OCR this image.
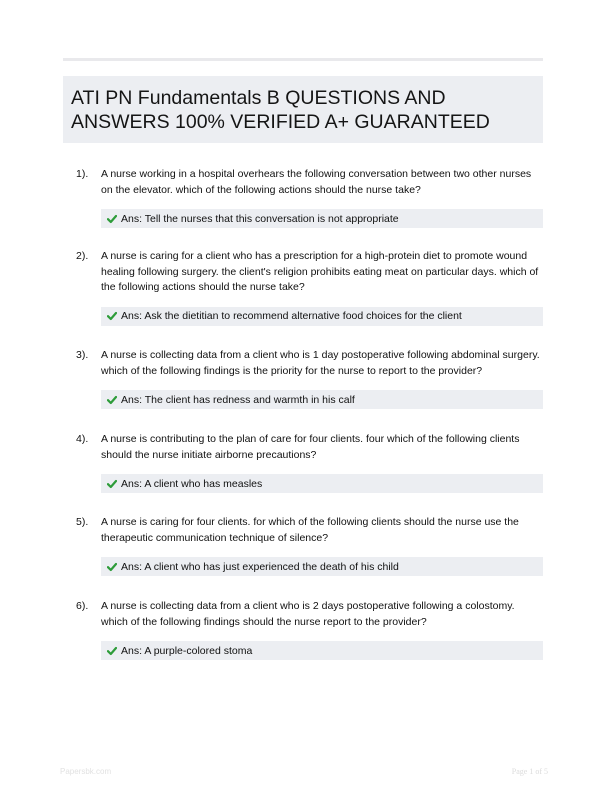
ATI PN Fundamentals B QUESTIONS AND ANSWERS 100% VERIFIED A+ GUARANTEED
1). A nurse working in a hospital overhears the following conversation between two other nurses on the elevator. which of the following actions should the nurse take?
Ans: Tell the nurses that this conversation is not appropriate
2). A nurse is caring for a client who has a prescription for a high-protein diet to promote wound healing following surgery. the client's religion prohibits eating meat on particular days. which of the following actions should the nurse take?
Ans: Ask the dietitian to recommend alternative food choices for the client
3). A nurse is collecting data from a client who is 1 day postoperative following abdominal surgery. which of the following findings is the priority for the nurse to report to the provider?
Ans: The client has redness and warmth in his calf
4). A nurse is contributing to the plan of care for four clients. four which of the following clients should the nurse initiate airborne precautions?
Ans: A client who has measles
5). A nurse is caring for four clients. for which of the following clients should the nurse use the therapeutic communication technique of silence?
Ans: A client who has just experienced the death of his child
6). A nurse is collecting data from a client who is 2 days postoperative following a colostomy. which of the following findings should the nurse report to the provider?
Ans: A purple-colored stoma
Papersbk.com	Page 1 of 5
